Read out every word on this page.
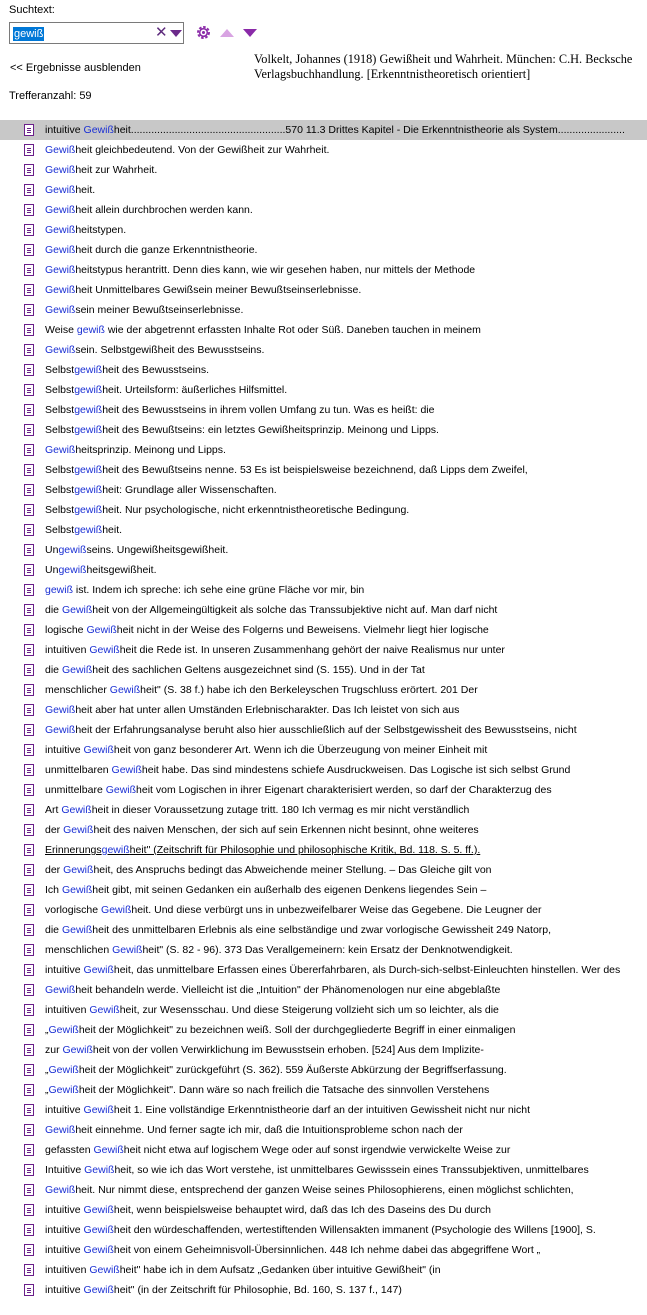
Suchtext:
gewiß
gewiß	✕
<< Ergebnisse ausblenden
Trefferanzahl: 59
Volkelt, Johannes (1918) Gewißheit und Wahrheit. München: C.H. Becksche Verlagsbuchhandlung. [Erkenntnistheoretisch orientiert]
intuitive Gewißheit.....................................................570 11.3 Drittes Kapitel - Die Erkenntnistheorie als System.......................
Gewißheit gleichbedeutend. Von der Gewißheit zur Wahrheit.
Gewißheit zur Wahrheit.
Gewißheit.
Gewißheit allein durchbrochen werden kann.
Gewißheitstypen.
Gewißheit durch die ganze Erkenntnistheorie.
Gewißheitstypus herantritt. Denn dies kann, wie wir gesehen haben, nur mittels der Methode
Gewißheit Unmittelbares Gewißsein meiner Bewußtseinserlebnisse.
Gewißsein meiner Bewußtseinserlebnisse.
Weise gewiß wie der abgetrennt erfassten Inhalte Rot oder Süß. Daneben tauchen in meinem
Gewißsein. Selbstgewißheit des Bewusstseins.
Selbstgewißheit des Bewusstseins.
Selbstgewißheit. Urteilsform: äußerliches Hilfsmittel.
Selbstgewißheit des Bewusstseins in ihrem vollen Umfang zu tun. Was es heißt: die
Selbstgewißheit des Bewußtseins: ein letztes Gewißheitsprinzip. Meinong und Lipps.
Gewißheitsprinzip. Meinong und Lipps.
Selbstgewißheit des Bewußtseins nenne. 53 Es ist beispielsweise bezeichnend, daß Lipps dem Zweifel,
Selbstgewißheit: Grundlage aller Wissenschaften.
Selbstgewißheit. Nur psychologische, nicht erkenntnistheoretische Bedingung.
Selbstgewißheit.
Ungewißseins. Ungewißheitsgewißheit.
Ungewißheitsgewißheit.
gewiß ist. Indem ich spreche: ich sehe eine grüne Fläche vor mir, bin
die Gewißheit von der Allgemeingültigkeit als solche das Transsubjektive nicht auf. Man darf nicht
logische Gewißheit nicht in der Weise des Folgerns und Beweisens. Vielmehr liegt hier logische
intuitiven Gewißheit die Rede ist. In unseren Zusammenhang gehört der naive Realismus nur unter
die Gewißheit des sachlichen Geltens ausgezeichnet sind (S. 155). Und in der Tat
menschlicher Gewißheit" (S. 38 f.) habe ich den Berkeleyschen Trugschluss erörtert. 201 Der
Gewißheit aber hat unter allen Umständen Erlebnischarakter. Das Ich leistet von sich aus
Gewißheit der Erfahrungsanalyse beruht also hier ausschließlich auf der Selbstgewissheit des Bewusstseins, nicht
intuitive Gewißheit von ganz besonderer Art. Wenn ich die Überzeugung von meiner Einheit mit
unmittelbaren Gewißheit habe. Das sind mindestens schiefe Ausdruckweisen. Das Logische ist sich selbst Grund
unmittelbare Gewißheit vom Logischen in ihrer Eigenart charakterisiert werden, so darf der Charakterzug des
Art Gewißheit in dieser Voraussetzung zutage tritt. 180 Ich vermag es mir nicht verständlich
der Gewißheit des naiven Menschen, der sich auf sein Erkennen nicht besinnt, ohne weiteres
Erinnerungsgewißheit" (Zeitschrift für Philosophie und philosophische Kritik, Bd. 118. S. 5. ff.).
der Gewißheit, des Anspruchs bedingt das Abweichende meiner Stellung. – Das Gleiche gilt von
Ich Gewißheit gibt, mit seinen Gedanken ein außerhalb des eigenen Denkens liegendes Sein –
vorlogische Gewißheit. Und diese verbürgt uns in unbezweifelbarer Weise das Gegebene. Die Leugner der
die Gewißheit des unmittelbaren Erlebnis als eine selbständige und zwar vorlogische Gewissheit 249 Natorp,
menschlichen Gewißheit" (S. 82 - 96). 373 Das Verallgemeinern: kein Ersatz der Denknotwendigkeit.
intuitive Gewißheit, das unmittelbare Erfassen eines Übererfahrbaren, als Durch-sich-selbst-Einleuchten hinstellen. Wer des
Gewißheit behandeln werde. Vielleicht ist die „Intuition" der Phänomenologen nur eine abgeblaßte
intuitiven Gewißheit, zur Wesensschau. Und diese Steigerung vollzieht sich um so leichter, als die
„Gewißheit der Möglichkeit" zu bezeichnen weiß. Soll der durchgegliederte Begriff in einer einmaligen
zur Gewißheit von der vollen Verwirklichung im Bewusstsein erhoben. [524] Aus dem Implizite-
„Gewißheit der Möglichkeit" zurückgeführt (S. 362). 559 Äußerste Abkürzung der Begriffserfassung.
„Gewißheit der Möglichkeit". Dann wäre so nach freilich die Tatsache des sinnvollen Verstehens
intuitive Gewißheit 1. Eine vollständige Erkenntnistheorie darf an der intuitiven Gewissheit nicht nur nicht
Gewißheit einnehme. Und ferner sagte ich mir, daß die Intuitionsprobleme schon nach der
gefassten Gewißheit nicht etwa auf logischem Wege oder auf sonst irgendwie verwickelte Weise zur
Intuitive Gewißheit, so wie ich das Wort verstehe, ist unmittelbares Gewisssein eines Transsubjektiven, unmittelbares
Gewißheit. Nur nimmt diese, entsprechend der ganzen Weise seines Philosophierens, einen möglichst schlichten,
intuitive Gewißheit, wenn beispielsweise behauptet wird, daß das Ich des Daseins des Du durch
intuitive Gewißheit den würdeschaffenden, wertestiftenden Willensakten immanent (Psychologie des Willens [1900], S.
intuitive Gewißheit von einem Geheimnisvoll-Übersinnlichen. 448 Ich nehme dabei das abgegriffene Wort „
intuitiven Gewißheit" habe ich in dem Aufsatz „Gedanken über intuitive Gewißheit" (in
intuitive Gewißheit" (in der Zeitschrift für Philosophie, Bd. 160, S. 137 f., 147)
